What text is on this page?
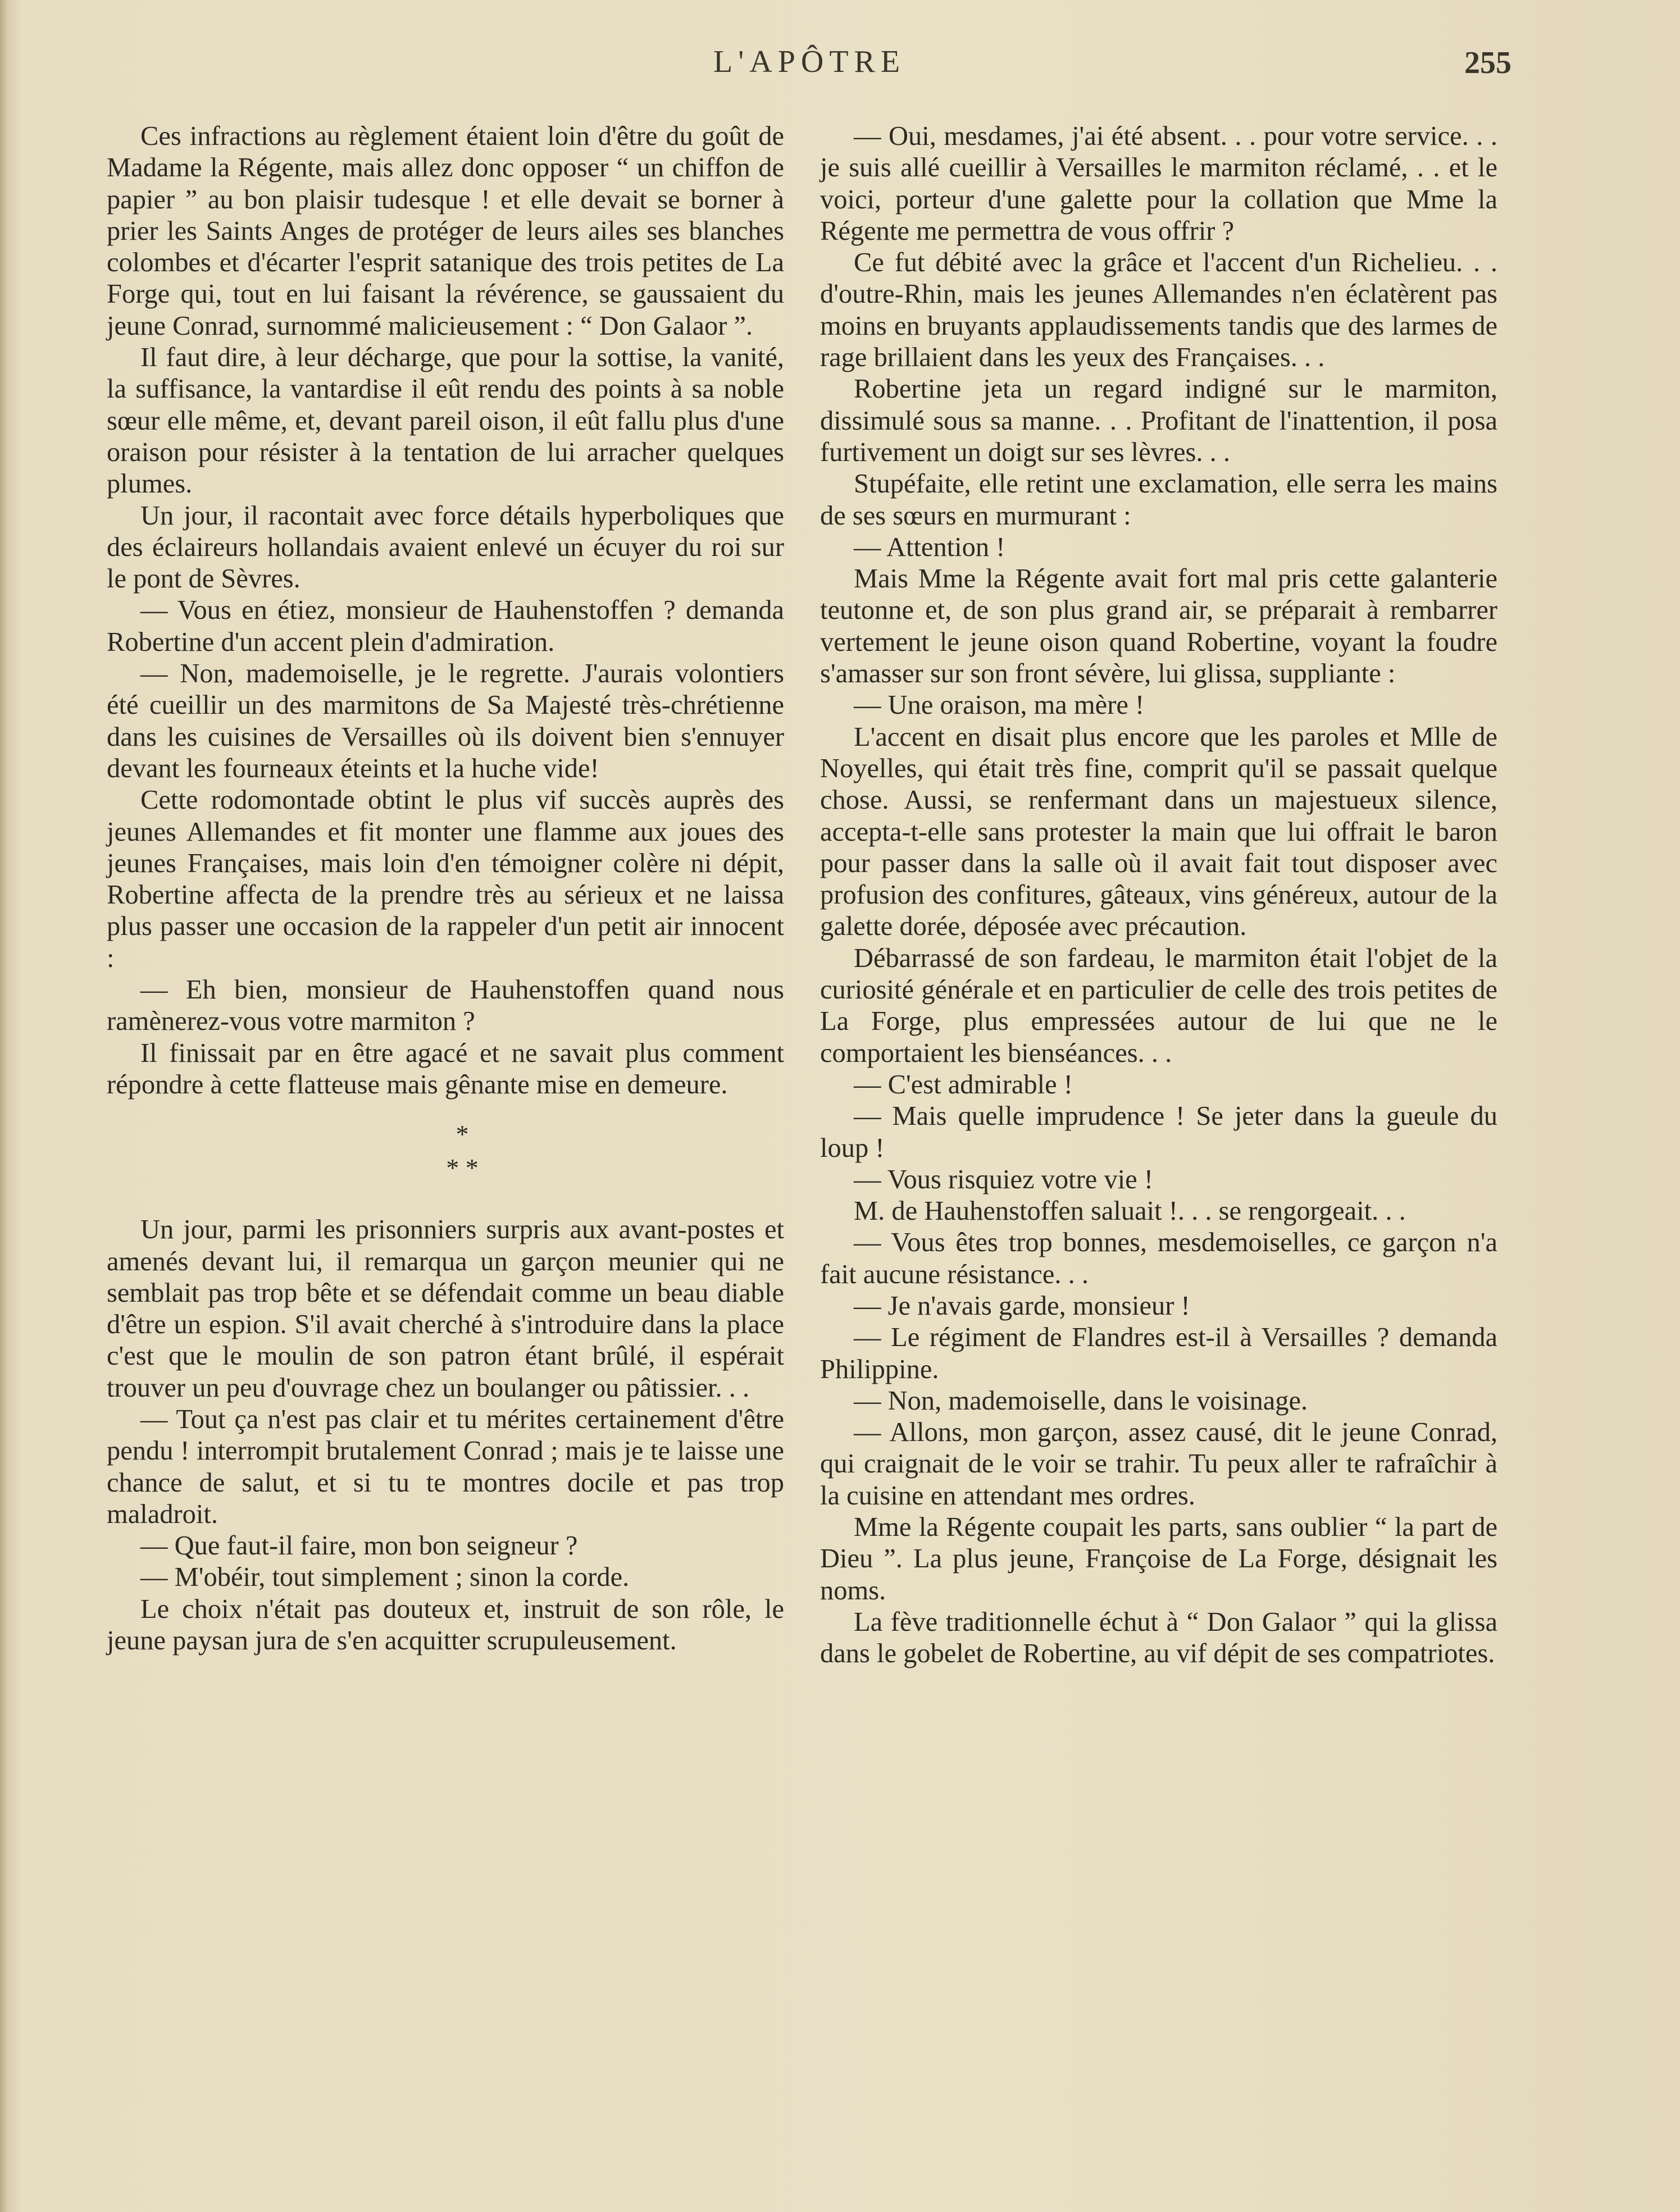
L'APÔTRE	255

Ces infractions au règlement étaient loin d'être du goût de Madame la Régente, mais allez donc opposer “ un chiffon de papier ” au bon plaisir tudesque ! et elle devait se borner à prier les Saints Anges de protéger de leurs ailes ses blanches colombes et d'écarter l'esprit satanique des trois petites de La Forge qui, tout en lui faisant la révérence, se gaussaient du jeune Conrad, surnommé malicieusement : “ Don Galaor ”.

Il faut dire, à leur décharge, que pour la sottise, la vanité, la suffisance, la vantardise il eût rendu des points à sa noble sœur elle même, et, devant pareil oison, il eût fallu plus d'une oraison pour résister à la tentation de lui arracher quelques plumes.

Un jour, il racontait avec force détails hyperboliques que des éclaireurs hollandais avaient enlevé un écuyer du roi sur le pont de Sèvres.

— Vous en étiez, monsieur de Hauhenstoffen ? demanda Robertine d'un accent plein d'admiration.

— Non, mademoiselle, je le regrette. J'aurais volontiers été cueillir un des marmitons de Sa Majesté très-chrétienne dans les cuisines de Versailles où ils doivent bien s'ennuyer devant les fourneaux éteints et la huche vide!

Cette rodomontade obtint le plus vif succès auprès des jeunes Allemandes et fit monter une flamme aux joues des jeunes Françaises, mais loin d'en témoigner colère ni dépit, Robertine affecta de la prendre très au sérieux et ne laissa plus passer une occasion de la rappeler d'un petit air innocent :

— Eh bien, monsieur de Hauhenstoffen quand nous ramènerez-vous votre marmiton ?

Il finissait par en être agacé et ne savait plus comment répondre à cette flatteuse mais gênante mise en demeure.

*

* *

Un jour, parmi les prisonniers surpris aux avant-postes et amenés devant lui, il remarqua un garçon meunier qui ne semblait pas trop bête et se défendait comme un beau diable d'être un espion. S'il avait cherché à s'introduire dans la place c'est que le moulin de son patron étant brûlé, il espérait trouver un peu d'ouvrage chez un boulanger ou pâtissier. . .

— Tout ça n'est pas clair et tu mérites certainement d'être pendu ! interrompit brutalement Conrad ; mais je te laisse une chance de salut, et si tu te montres docile et pas trop maladroit.

— Que faut-il faire, mon bon seigneur ?

— M'obéir, tout simplement ; sinon la corde.

Le choix n'était pas douteux et, instruit de son rôle, le jeune paysan jura de s'en acquitter scrupuleusement.

— Oui, mesdames, j'ai été absent. . . pour votre service. . . je suis allé cueillir à Versailles le marmiton réclamé, . . et le voici, porteur d'une galette pour la collation que Mme la Régente me permettra de vous offrir ?

Ce fut débité avec la grâce et l'accent d'un Richelieu. . . d'outre-Rhin, mais les jeunes Allemandes n'en éclatèrent pas moins en bruyants applaudissements tandis que des larmes de rage brillaient dans les yeux des Françaises. . .

Robertine jeta un regard indigné sur le marmiton, dissimulé sous sa manne. . . Profitant de l'inattention, il posa furtivement un doigt sur ses lèvres. . .

Stupéfaite, elle retint une exclamation, elle serra les mains de ses sœurs en murmurant :

— Attention !

Mais Mme la Régente avait fort mal pris cette galanterie teutonne et, de son plus grand air, se préparait à rembarrer vertement le jeune oison quand Robertine, voyant la foudre s'amasser sur son front sévère, lui glissa, suppliante :

— Une oraison, ma mère !

L'accent en disait plus encore que les paroles et Mlle de Noyelles, qui était très fine, comprit qu'il se passait quelque chose. Aussi, se renfermant dans un majestueux silence, accepta-t-elle sans protester la main que lui offrait le baron pour passer dans la salle où il avait fait tout disposer avec profusion des confitures, gâteaux, vins généreux, autour de la galette dorée, déposée avec précaution.

Débarrassé de son fardeau, le marmiton était l'objet de la curiosité générale et en particulier de celle des trois petites de La Forge, plus empressées autour de lui que ne le comportaient les bienséances. . .

— C'est admirable !

— Mais quelle imprudence ! Se jeter dans la gueule du loup !

— Vous risquiez votre vie !

M. de Hauhenstoffen saluait !. . . se rengorgeait. . .

— Vous êtes trop bonnes, mesdemoiselles, ce garçon n'a fait aucune résistance. . .

— Je n'avais garde, monsieur !

— Le régiment de Flandres est-il à Versailles ? demanda Philippine.

— Non, mademoiselle, dans le voisinage.

— Allons, mon garçon, assez causé, dit le jeune Conrad, qui craignait de le voir se trahir. Tu peux aller te rafraîchir à la cuisine en attendant mes ordres.

Mme la Régente coupait les parts, sans oublier “ la part de Dieu ”. La plus jeune, Françoise de La Forge, désignait les noms.

La fève traditionnelle échut à “ Don Galaor ” qui la glissa dans le gobelet de Robertine, au vif dépit de ses compatriotes.
